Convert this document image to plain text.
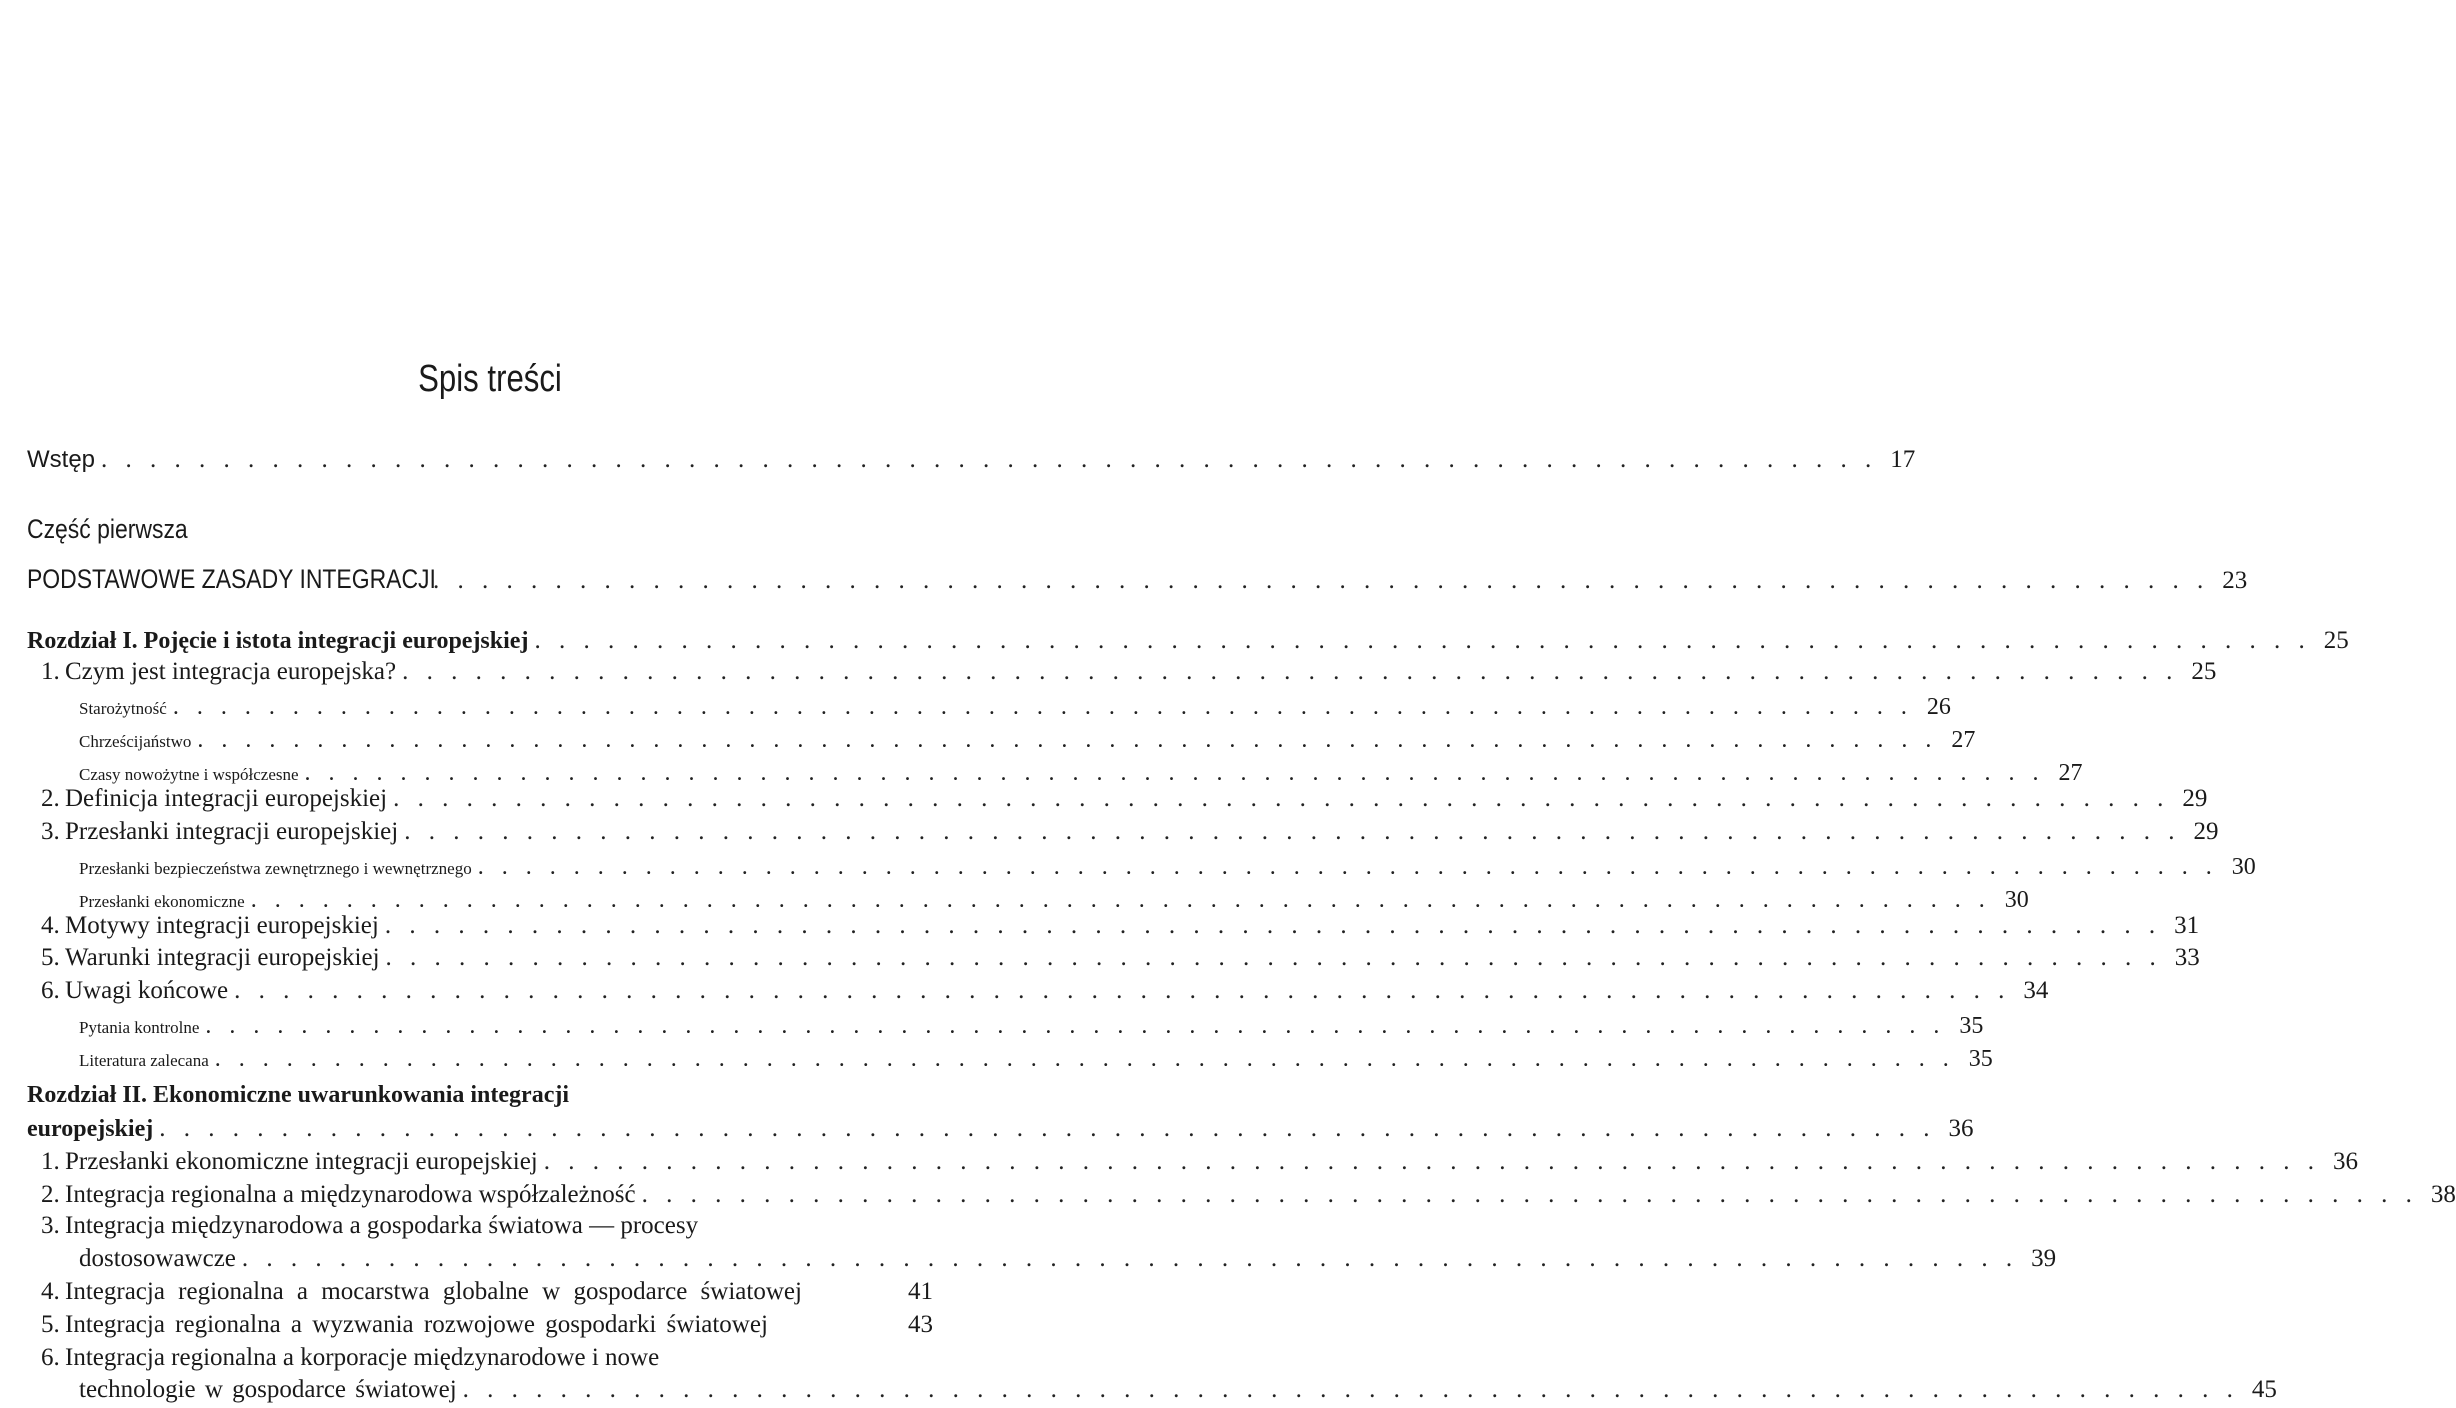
Spis treści
Wstęp . . . . . . . . . . . . . . . . . . . . . . . . . . . . . . . . . . . . . . . . . . . . . . . . . . . . . . . . . . . . . . . . . . . . . . . . . 17
Część pierwsza
PODSTAWOWE ZASADY INTEGRACJI
. . . . . . . . . . . . . . . . . . . . . . . . . . . . . . . . . . . . . . . . . . . . . . . . . . . . . . . . . . . . . . . . . . . . . . . . . 23
Rozdział I. Pojęcie i istota integracji europejskiej . . . . . . . . . . . . . . . . . . . . . . . . . . . . . . . . . . . . . . . . . . . . . . . . . . . . . . . . . . . . . . . . . . . . . . . . . 25
1. Czym jest integracja europejska? . . . . . . . . . . . . . . . . . . . . . . . . . . . . . . . . . . . . . . . . . . . . . . . . . . . . . . . . . . . . . . . . . . . . . . . . . 25
Starożytność . . . . . . . . . . . . . . . . . . . . . . . . . . . . . . . . . . . . . . . . . . . . . . . . . . . . . . . . . . . . . . . . . . . . . . . . . 26
Chrześcijaństwo . . . . . . . . . . . . . . . . . . . . . . . . . . . . . . . . . . . . . . . . . . . . . . . . . . . . . . . . . . . . . . . . . . . . . . . . . 27
Czasy nowożytne i współczesne . . . . . . . . . . . . . . . . . . . . . . . . . . . . . . . . . . . . . . . . . . . . . . . . . . . . . . . . . . . . . . . . . . . . . . . . . 27
2. Definicja integracji europejskiej . . . . . . . . . . . . . . . . . . . . . . . . . . . . . . . . . . . . . . . . . . . . . . . . . . . . . . . . . . . . . . . . . . . . . . . . . 29
3. Przesłanki integracji europejskiej . . . . . . . . . . . . . . . . . . . . . . . . . . . . . . . . . . . . . . . . . . . . . . . . . . . . . . . . . . . . . . . . . . . . . . . . . 29
Przesłanki bezpieczeństwa zewnętrznego i wewnętrznego . . . . . . . . . . . . . . . . . . . . . . . . . . . . . . . . . . . . . . . . . . . . . . . . . . . . . . . . . . . . . . . . . . . . . . . . . 30
Przesłanki ekonomiczne . . . . . . . . . . . . . . . . . . . . . . . . . . . . . . . . . . . . . . . . . . . . . . . . . . . . . . . . . . . . . . . . . . . . . . . . . 30
4. Motywy integracji europejskiej . . . . . . . . . . . . . . . . . . . . . . . . . . . . . . . . . . . . . . . . . . . . . . . . . . . . . . . . . . . . . . . . . . . . . . . . . 31
5. Warunki integracji europejskiej . . . . . . . . . . . . . . . . . . . . . . . . . . . . . . . . . . . . . . . . . . . . . . . . . . . . . . . . . . . . . . . . . . . . . . . . . 33
6. Uwagi końcowe . . . . . . . . . . . . . . . . . . . . . . . . . . . . . . . . . . . . . . . . . . . . . . . . . . . . . . . . . . . . . . . . . . . . . . . . . 34
Pytania kontrolne . . . . . . . . . . . . . . . . . . . . . . . . . . . . . . . . . . . . . . . . . . . . . . . . . . . . . . . . . . . . . . . . . . . . . . . . . 35
Literatura zalecana . . . . . . . . . . . . . . . . . . . . . . . . . . . . . . . . . . . . . . . . . . . . . . . . . . . . . . . . . . . . . . . . . . . . . . . . . 35
Rozdział II. Ekonomiczne uwarunkowania integracji
europejskiej . . . . . . . . . . . . . . . . . . . . . . . . . . . . . . . . . . . . . . . . . . . . . . . . . . . . . . . . . . . . . . . . . . . . . . . . . 36
1. Przesłanki ekonomiczne integracji europejskiej . . . . . . . . . . . . . . . . . . . . . . . . . . . . . . . . . . . . . . . . . . . . . . . . . . . . . . . . . . . . . . . . . . . . . . . . . 36
2. Integracja regionalna a międzynarodowa współzależność . . . . . . . . . . . . . . . . . . . . . . . . . . . . . . . . . . . . . . . . . . . . . . . . . . . . . . . . . . . . . . . . . . . . . . . . . 38
3. Integracja międzynarodowa a gospodarka światowa — procesy
dostosowawcze . . . . . . . . . . . . . . . . . . . . . . . . . . . . . . . . . . . . . . . . . . . . . . . . . . . . . . . . . . . . . . . . . . . . . . . . . 39
4. Integracja regionalna a mocarstwa globalne w gospodarce światowej	41
5. Integracja regionalna a wyzwania rozwojowe gospodarki światowej	43
6. Integracja regionalna a korporacje międzynarodowe i nowe
technologie w gospodarce światowej . . . . . . . . . . . . . . . . . . . . . . . . . . . . . . . . . . . . . . . . . . . . . . . . . . . . . . . . . . . . . . . . . . . . . . . . . 45
